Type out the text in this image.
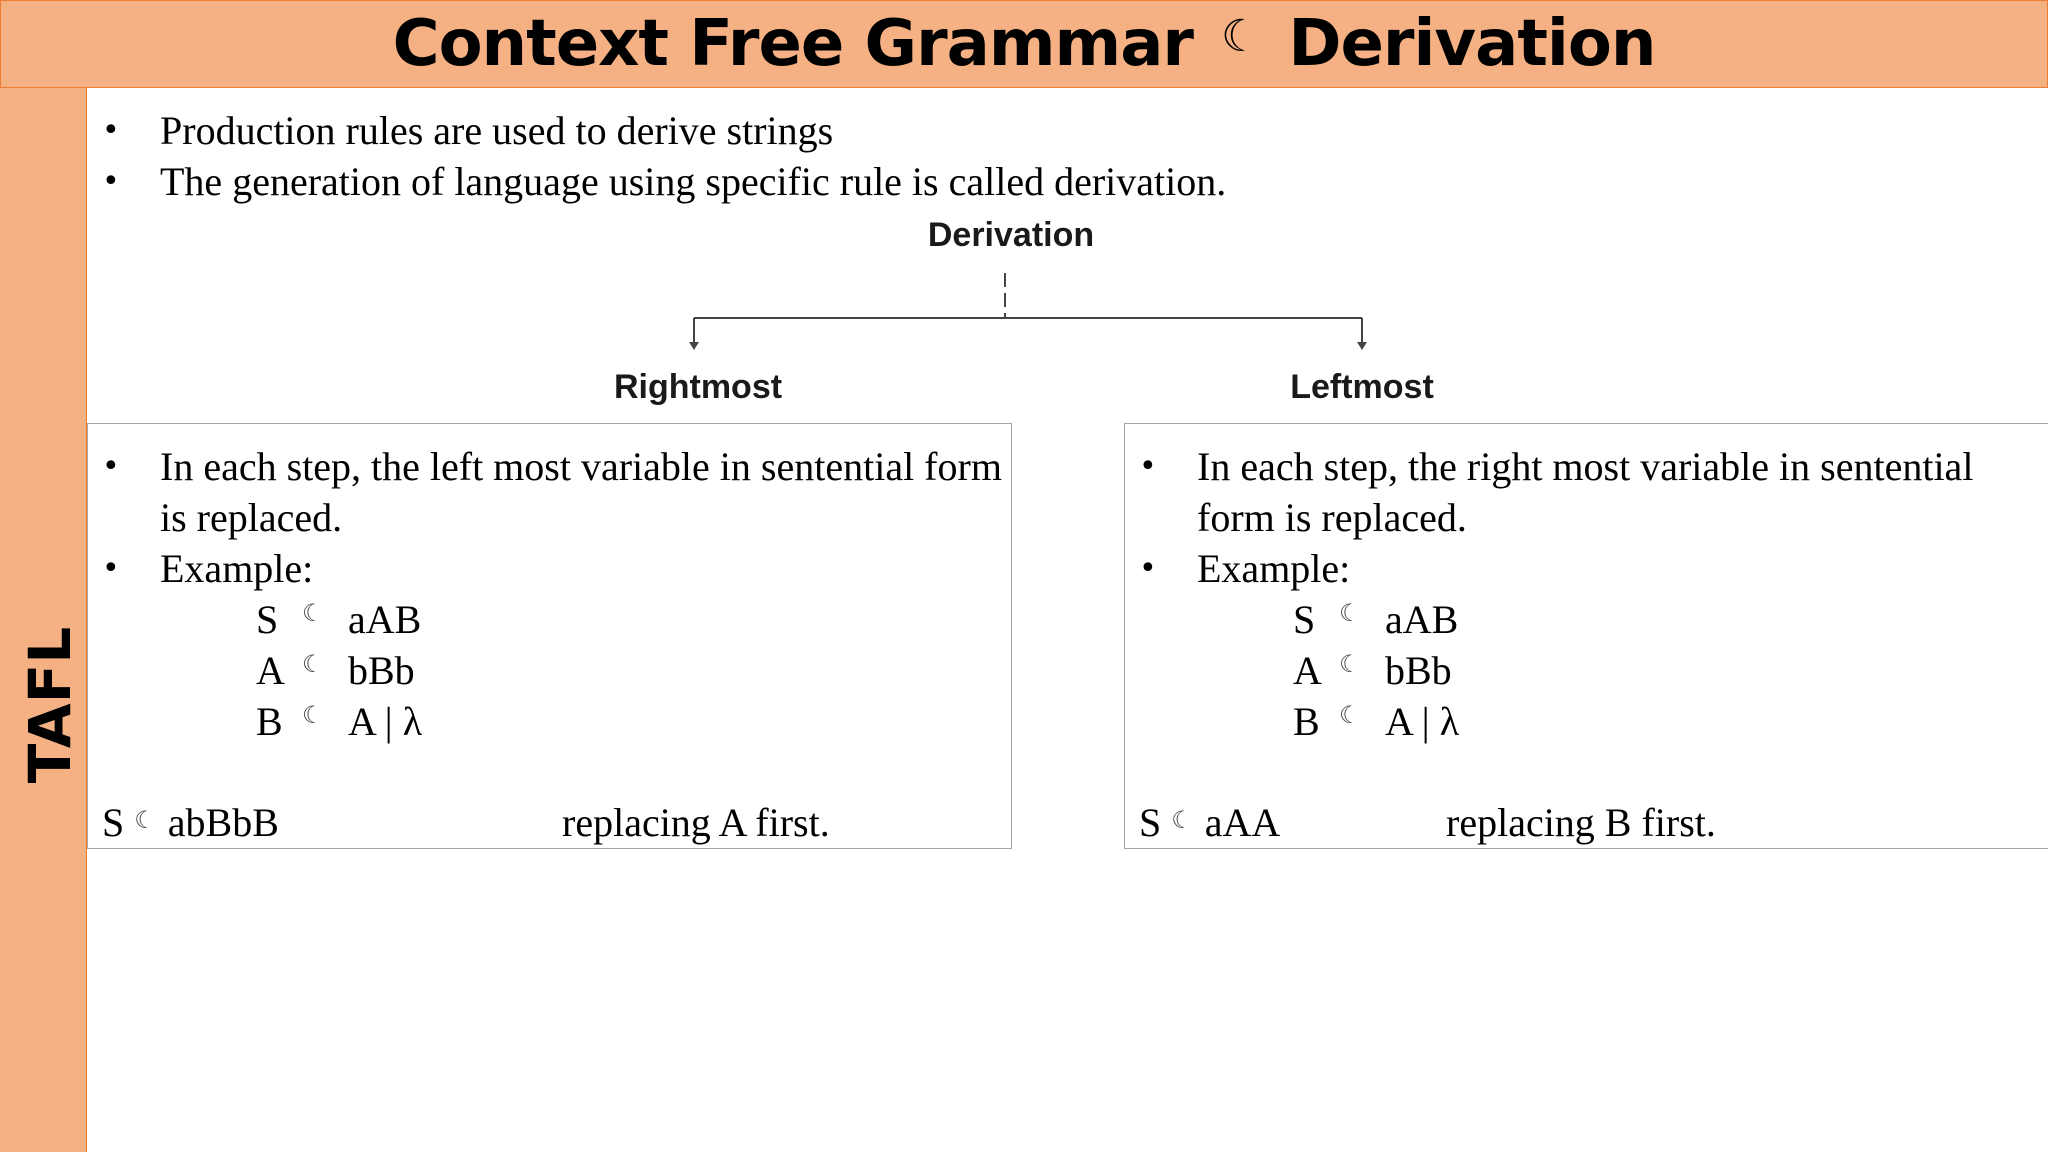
Context Free Grammar ☾ Derivation
TAFL
• Production rules are used to derive strings
• The generation of language using specific rule is called derivation.
Derivation
Rightmost	Leftmost
• In each step, the left most variable in sentential form is replaced.
• Example:
S ☾ aAB
A ☾ bBb
B ☾ A | λ
S ☾ abBbB	replacing A first.
• In each step, the right most variable in sentential form is replaced.
• Example:
S ☾ aAB
A ☾ bBb
B ☾ A | λ
S ☾ aAA	replacing B first.
